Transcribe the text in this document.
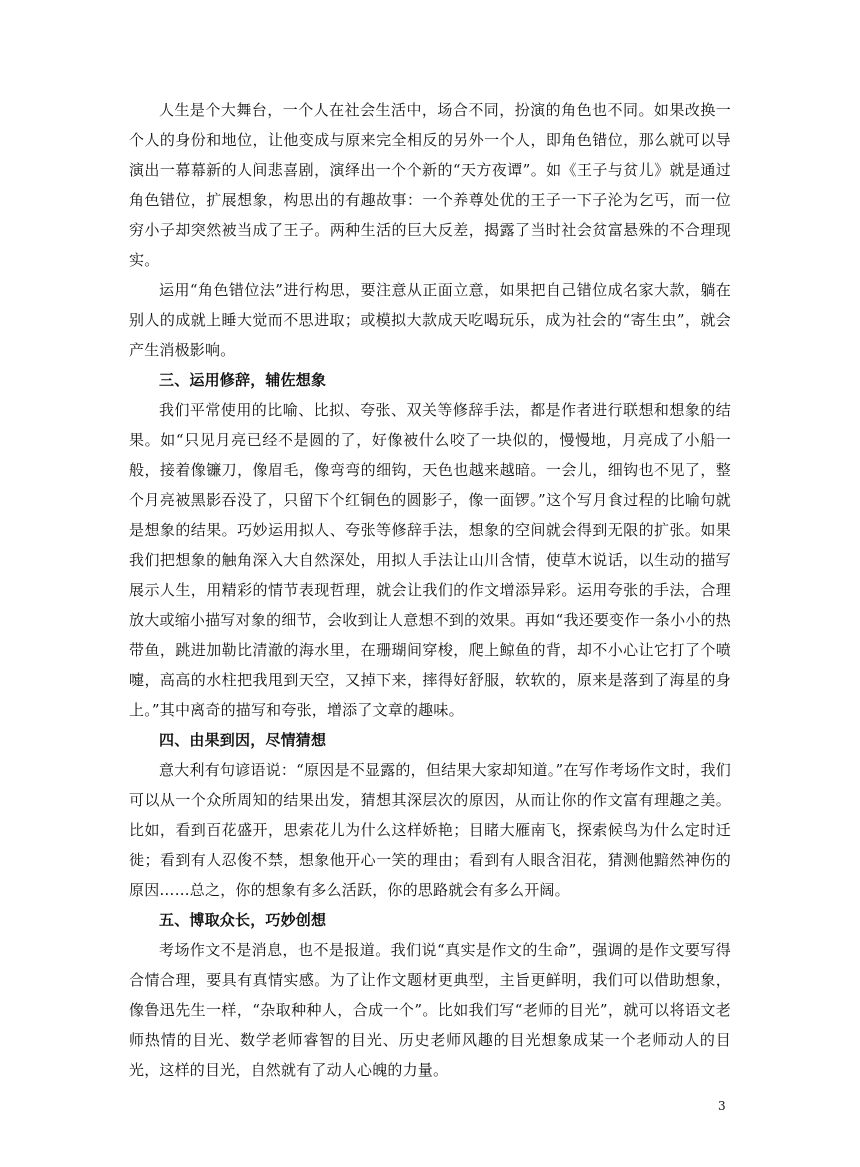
人生是个大舞台，一个人在社会生活中，场合不同，扮演的角色也不同。如果改换一个人的身份和地位，让他变成与原来完全相反的另外一个人，即角色错位，那么就可以导演出一幕幕新的人间悲喜剧，演绎出一个个新的“天方夜谭”。如《王子与贫儿》就是通过角色错位，扩展想象，构思出的有趣故事：一个养尊处优的王子一下子沦为乞丐，而一位穷小子却突然被当成了王子。两种生活的巨大反差，揭露了当时社会贫富悬殊的不合理现实。

运用“角色错位法”进行构思，要注意从正面立意，如果把自己错位成名家大款，躺在别人的成就上睡大觉而不思进取；或模拟大款成天吃喝玩乐，成为社会的“寄生虫”，就会产生消极影响。

三、运用修辞，辅佐想象

我们平常使用的比喻、比拟、夸张、双关等修辞手法，都是作者进行联想和想象的结果。如“只见月亮已经不是圆的了，好像被什么咬了一块似的，慢慢地，月亮成了小船一般，接着像镰刀，像眉毛，像弯弯的细钩，天色也越来越暗。一会儿，细钩也不见了，整个月亮被黑影吞没了，只留下个红铜色的圆影子，像一面锣。”这个写月食过程的比喻句就是想象的结果。巧妙运用拟人、夸张等修辞手法，想象的空间就会得到无限的扩张。如果我们把想象的触角深入大自然深处，用拟人手法让山川含情，使草木说话，以生动的描写展示人生，用精彩的情节表现哲理，就会让我们的作文增添异彩。运用夸张的手法，合理放大或缩小描写对象的细节，会收到让人意想不到的效果。再如“我还要变作一条小小的热带鱼，跳进加勒比清澈的海水里，在珊瑚间穿梭，爬上鲸鱼的背，却不小心让它打了个喷嚏，高高的水柱把我甩到天空，又掉下来，摔得好舒服，软软的，原来是落到了海星的身上。”其中离奇的描写和夸张，增添了文章的趣味。

四、由果到因，尽情猜想

意大利有句谚语说：“原因是不显露的，但结果大家却知道。”在写作考场作文时，我们可以从一个众所周知的结果出发，猜想其深层次的原因，从而让你的作文富有理趣之美。比如，看到百花盛开，思索花儿为什么这样娇艳；目睹大雁南飞，探索候鸟为什么定时迁徙；看到有人忍俊不禁，想象他开心一笑的理由；看到有人眼含泪花，猜测他黯然神伤的原因……总之，你的想象有多么活跃，你的思路就会有多么开阔。

五、博取众长，巧妙创想

考场作文不是消息，也不是报道。我们说“真实是作文的生命”，强调的是作文要写得合情合理，要具有真情实感。为了让作文题材更典型，主旨更鲜明，我们可以借助想象，像鲁迅先生一样，“杂取种种人，合成一个”。比如我们写“老师的目光”，就可以将语文老师热情的目光、数学老师睿智的目光、历史老师风趣的目光想象成某一个老师动人的目光，这样的目光，自然就有了动人心魄的力量。

3
